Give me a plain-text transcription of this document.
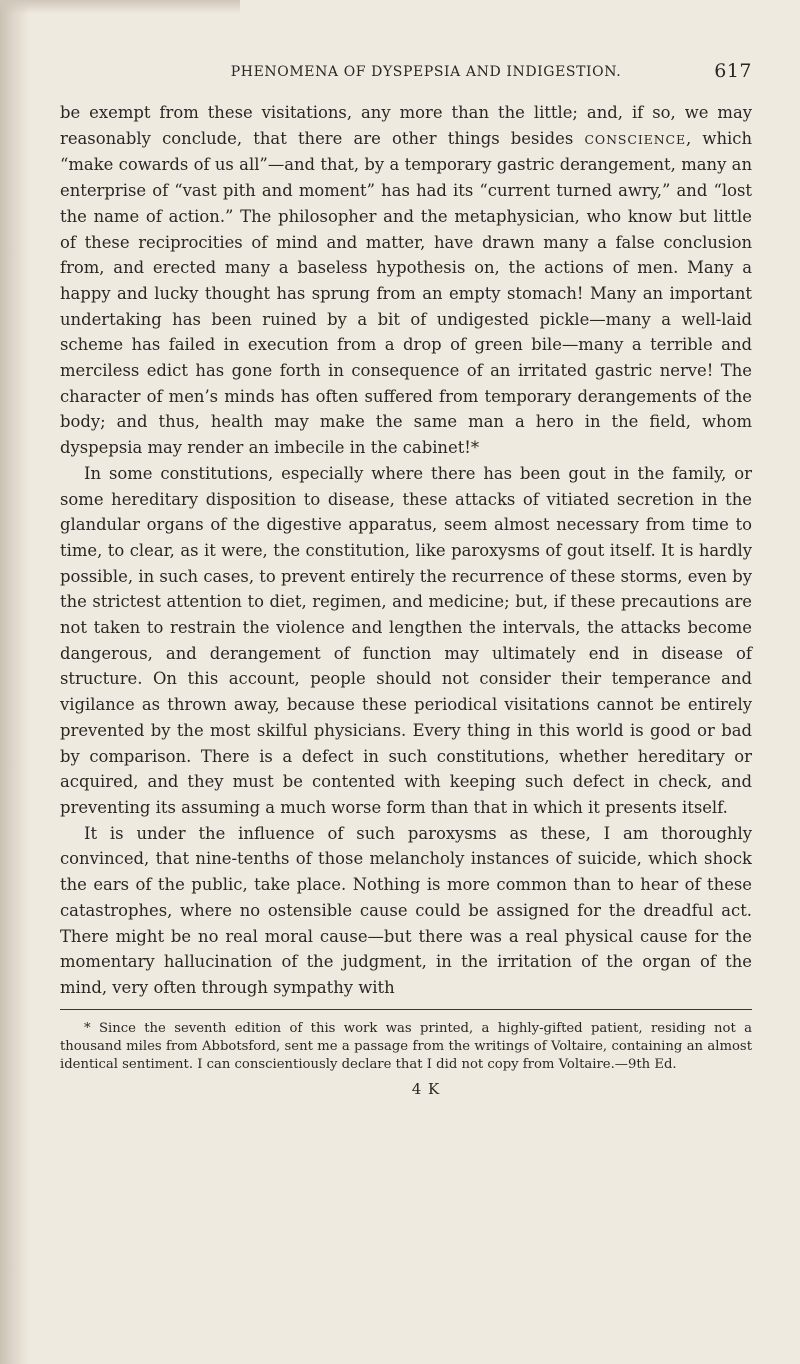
PHENOMENA OF DYSPEPSIA AND INDIGESTION.	617

be exempt from these visitations, any more than the little; and, if so, we may reasonably conclude, that there are other things besides CONSCIENCE, which “make cowards of us all”—and that, by a temporary gastric derangement, many an enterprise of “vast pith and moment” has had its “current turned awry,” and “lost the name of action.” The philosopher and the metaphysician, who know but little of these reciprocities of mind and matter, have drawn many a false conclusion from, and erected many a baseless hypothesis on, the actions of men. Many a happy and lucky thought has sprung from an empty stomach! Many an important undertaking has been ruined by a bit of undigested pickle—many a well-laid scheme has failed in execution from a drop of green bile—many a terrible and merciless edict has gone forth in consequence of an irritated gastric nerve! The character of men’s minds has often suffered from temporary derangements of the body; and thus, health may make the same man a hero in the field, whom dyspepsia may render an imbecile in the cabinet!*

In some constitutions, especially where there has been gout in the family, or some hereditary disposition to disease, these attacks of vitiated secretion in the glandular organs of the digestive apparatus, seem almost necessary from time to time, to clear, as it were, the constitution, like paroxysms of gout itself. It is hardly possible, in such cases, to prevent entirely the recurrence of these storms, even by the strictest attention to diet, regimen, and medicine; but, if these precautions are not taken to restrain the violence and lengthen the intervals, the attacks become dangerous, and derangement of function may ultimately end in disease of structure. On this account, people should not consider their temperance and vigilance as thrown away, because these periodical visitations cannot be entirely prevented by the most skilful physicians. Every thing in this world is good or bad by comparison. There is a defect in such constitutions, whether hereditary or acquired, and they must be contented with keeping such defect in check, and preventing its assuming a much worse form than that in which it presents itself.

It is under the influence of such paroxysms as these, I am thoroughly convinced, that nine-tenths of those melancholy instances of suicide, which shock the ears of the public, take place. Nothing is more common than to hear of these catastrophes, where no ostensible cause could be assigned for the dreadful act. There might be no real moral cause—but there was a real physical cause for the momentary hallucination of the judgment, in the irritation of the organ of the mind, very often through sympathy with

* Since the seventh edition of this work was printed, a highly-gifted patient, residing not a thousand miles from Abbotsford, sent me a passage from the writings of Voltaire, containing an almost identical sentiment. I can conscientiously declare that I did not copy from Voltaire.—9th Ed.

4 K
